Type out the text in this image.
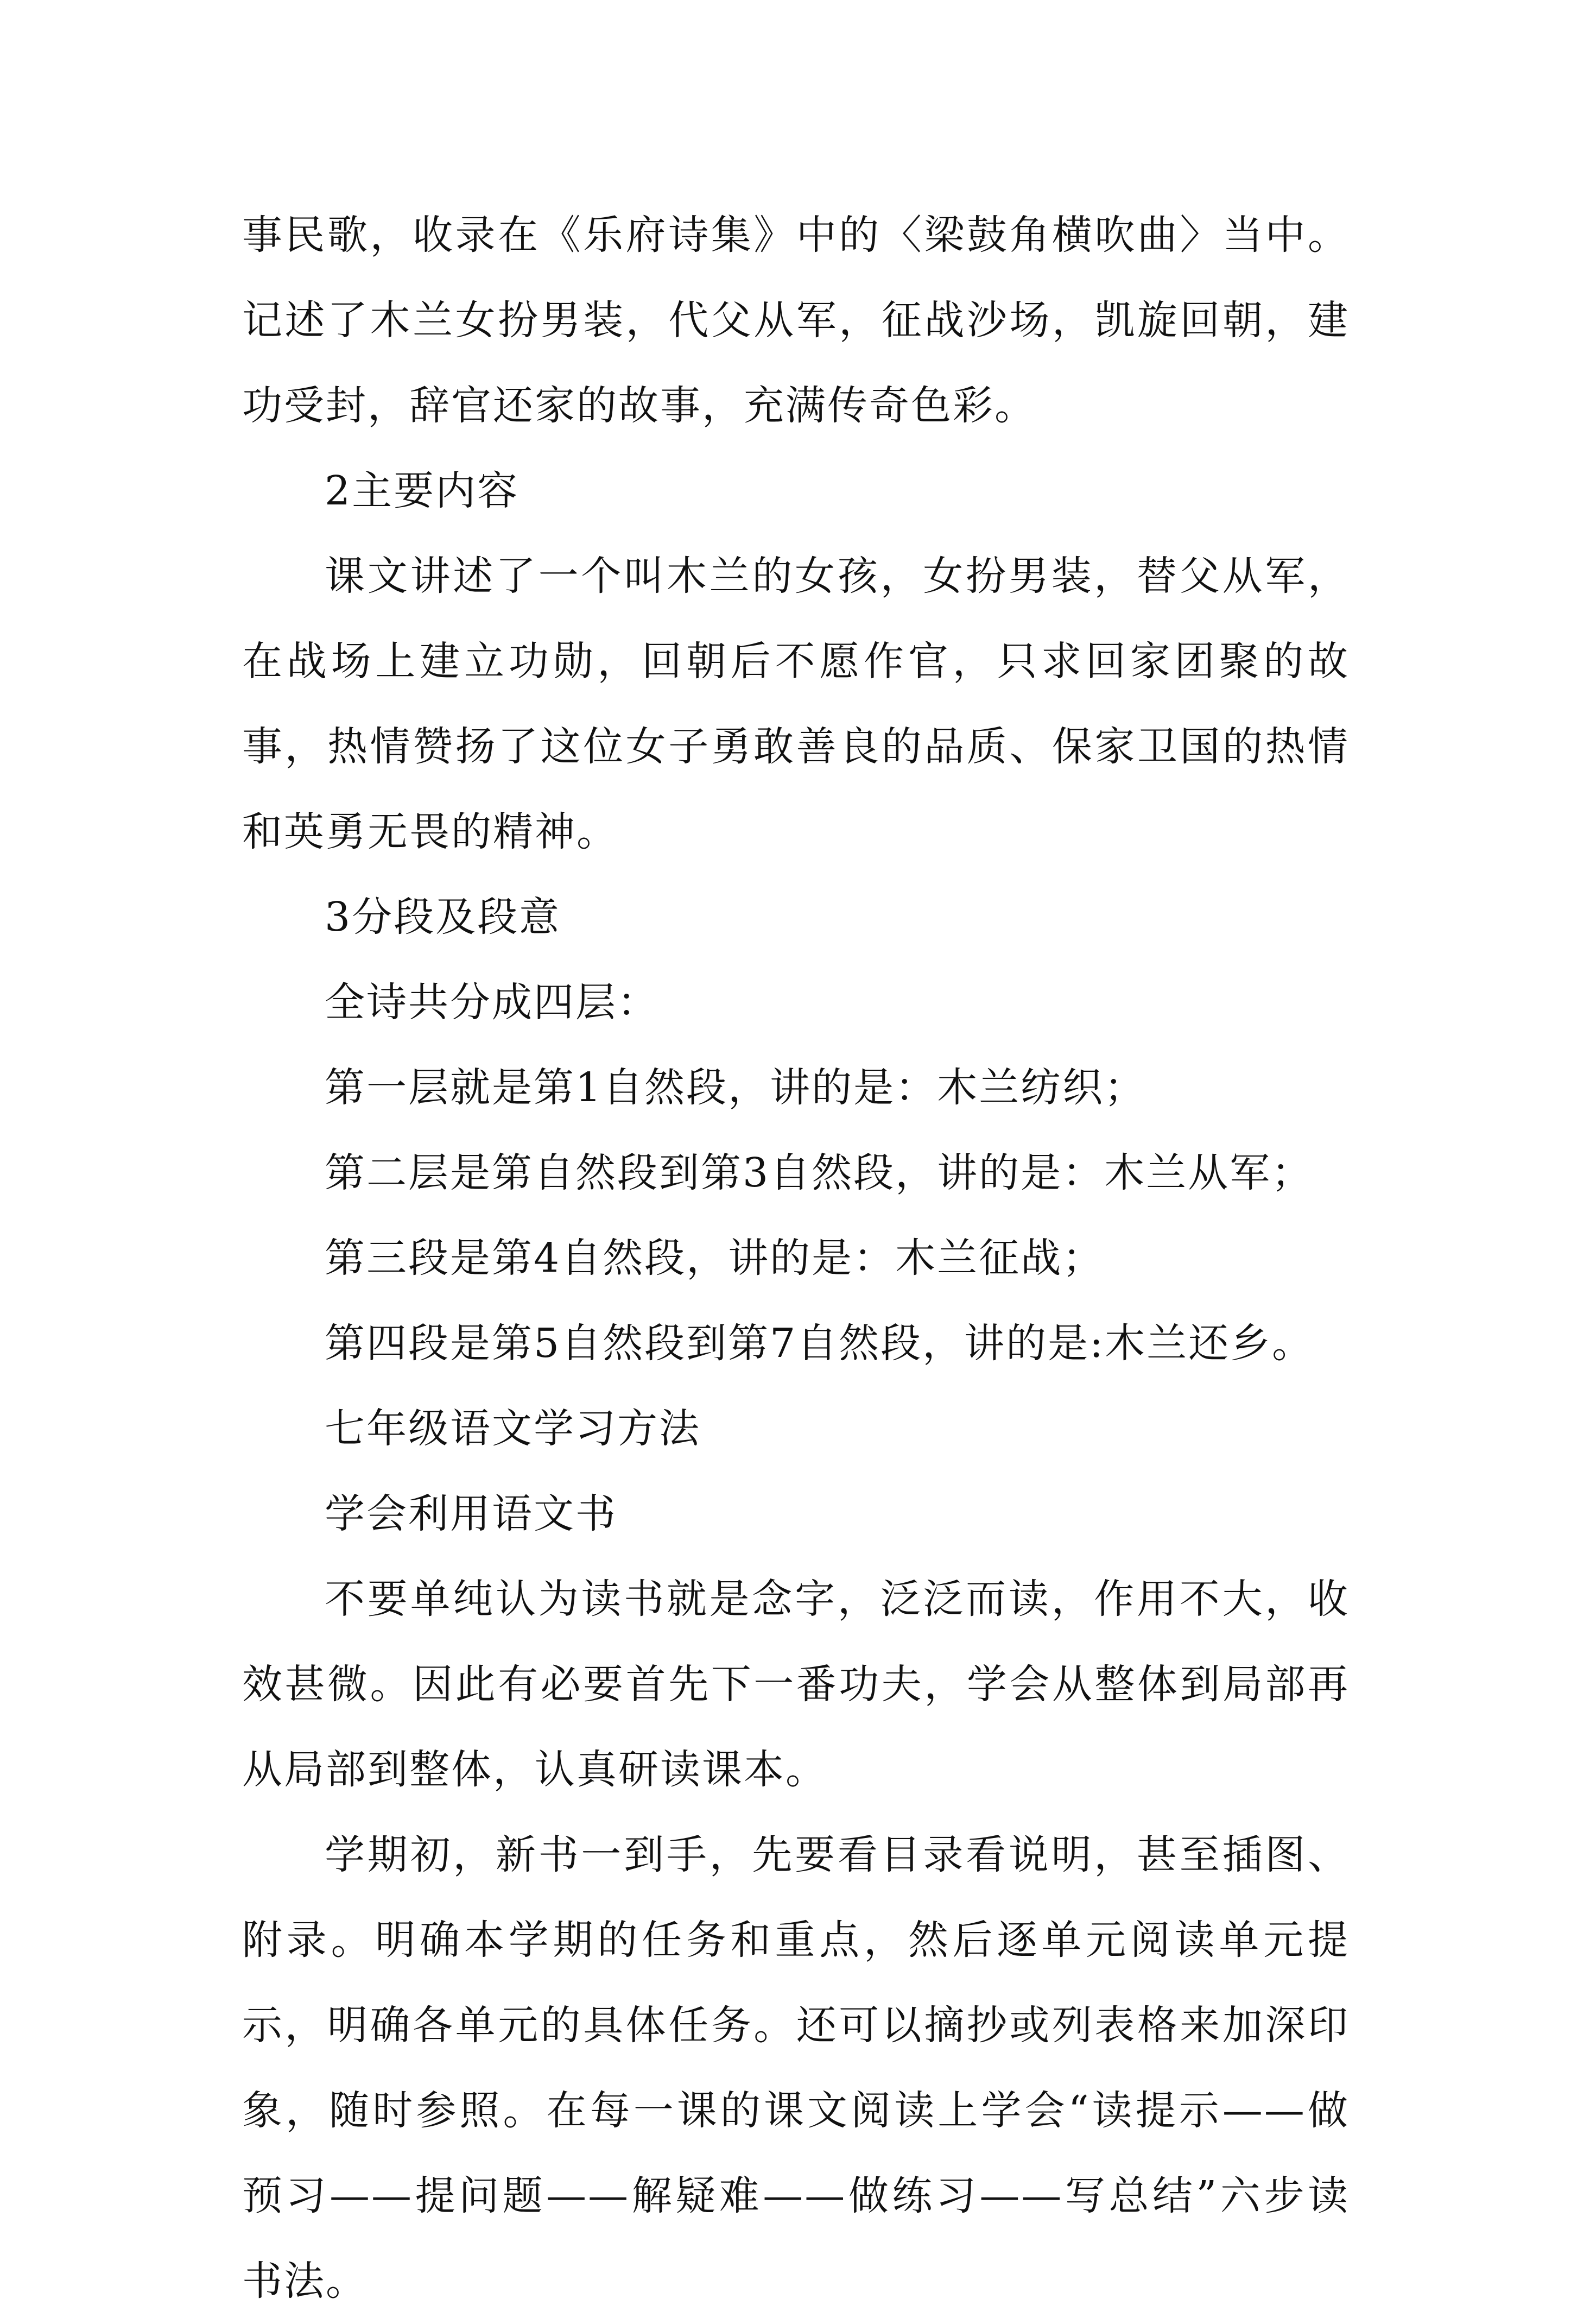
事民歌，收录在《乐府诗集》中的〈梁鼓角横吹曲〉当中。记述了木兰女扮男装，代父从军，征战沙场，凯旋回朝，建功受封，辞官还家的故事，充满传奇色彩。

2主要内容

课文讲述了一个叫木兰的女孩，女扮男装，替父从军，在战场上建立功勋，回朝后不愿作官，只求回家团聚的故事，热情赞扬了这位女子勇敢善良的品质、保家卫国的热情和英勇无畏的精神。

3分段及段意

全诗共分成四层：

第一层就是第1自然段，讲的是：木兰纺织；

第二层是第自然段到第3自然段，讲的是：木兰从军；

第三段是第4自然段，讲的是：木兰征战；

第四段是第5自然段到第7自然段，讲的是:木兰还乡。

七年级语文学习方法

学会利用语文书

不要单纯认为读书就是念字，泛泛而读，作用不大，收效甚微。因此有必要首先下一番功夫，学会从整体到局部再从局部到整体，认真研读课本。

学期初，新书一到手，先要看目录看说明，甚至插图、附录。明确本学期的任务和重点，然后逐单元阅读单元提示，明确各单元的具体任务。还可以摘抄或列表格来加深印象，随时参照。在每一课的课文阅读上学会“读提示——做预习——提问题——解疑难——做练习——写总结”六步读书法。
